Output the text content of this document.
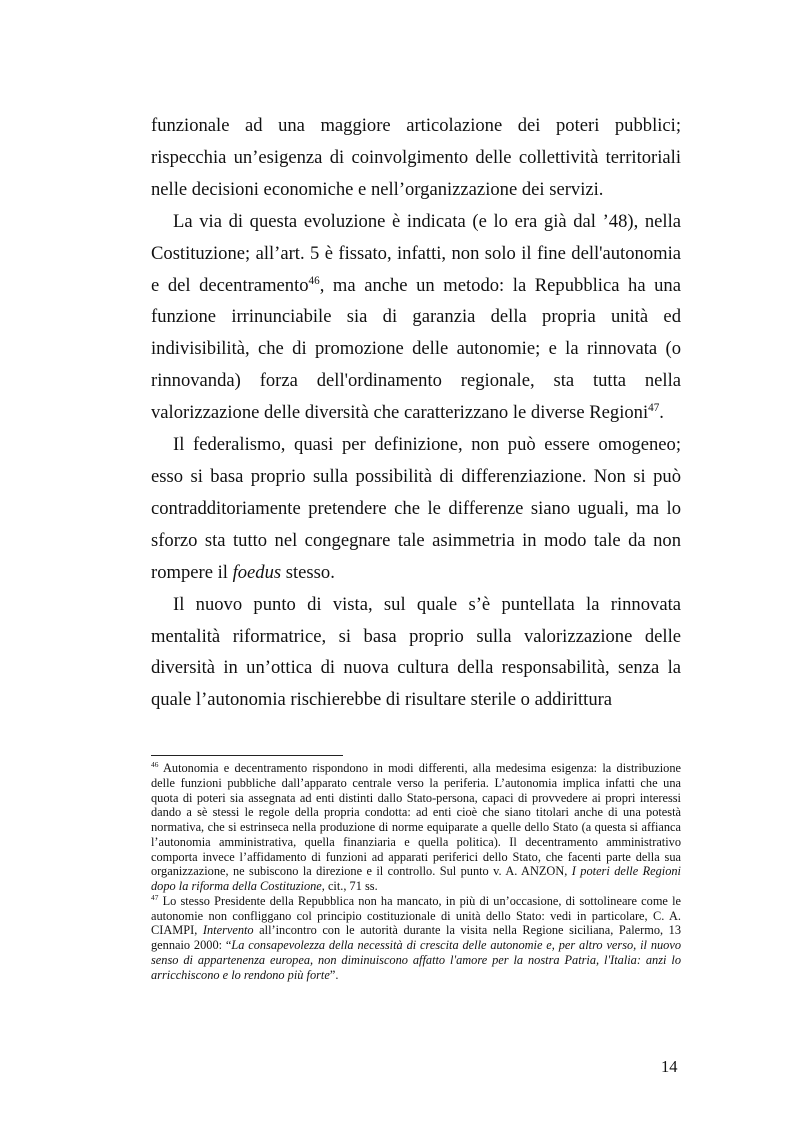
funzionale ad una maggiore articolazione dei poteri pubblici; rispecchia un’esigenza di coinvolgimento delle collettività territoriali nelle decisioni economiche e nell’organizzazione dei servizi.

La via di questa evoluzione è indicata (e lo era già dal ’48), nella Costituzione; all’art. 5 è fissato, infatti, non solo il fine dell'autonomia e del decentramento$^{46}$, ma anche un metodo: la Repubblica ha una funzione irrinunciabile sia di garanzia della propria unità ed indivisibilità, che di promozione delle autonomie; e la rinnovata (o rinnovanda) forza dell'ordinamento regionale, sta tutta nella valorizzazione delle diversità che caratterizzano le diverse Regioni$^{47}$.

Il federalismo, quasi per definizione, non può essere omogeneo; esso si basa proprio sulla possibilità di differenziazione. Non si può contradditoriamente pretendere che le differenze siano uguali, ma lo sforzo sta tutto nel congegnare tale asimmetria in modo tale da non rompere il foedus stesso.

Il nuovo punto di vista, sul quale s’è puntellata la rinnovata mentalità riformatrice, si basa proprio sulla valorizzazione delle diversità in un’ottica di nuova cultura della responsabilità, senza la quale l’autonomia rischierebbe di risultare sterile o addirittura

$^{46}$ Autonomia e decentramento rispondono in modi differenti, alla medesima esigenza: la distribuzione delle funzioni pubbliche dall’apparato centrale verso la periferia. L’autonomia implica infatti che una quota di poteri sia assegnata ad enti distinti dallo Stato-persona, capaci di provvedere ai propri interessi dando a sè stessi le regole della propria condotta: ad enti cioè che siano titolari anche di una potestà normativa, che si estrinseca nella produzione di norme equiparate a quelle dello Stato (a questa si affianca l’autonomia amministrativa, quella finanziaria e quella politica). Il decentramento amministrativo comporta invece l’affidamento di funzioni ad apparati periferici dello Stato, che facenti parte della sua organizzazione, ne subiscono la direzione e il controllo. Sul punto v. A. ANZON, I poteri delle Regioni dopo la riforma della Costituzione, cit., 71 ss.

$^{47}$ Lo stesso Presidente della Repubblica non ha mancato, in più di un’occasione, di sottolineare come le autonomie non confliggano col principio costituzionale di unità dello Stato: vedi in particolare, C. A. CIAMPI, Intervento all’incontro con le autorità durante la visita nella Regione siciliana, Palermo, 13 gennaio 2000: “La consapevolezza della necessità di crescita delle autonomie e, per altro verso, il nuovo senso di appartenenza europea, non diminuiscono affatto l'amore per la nostra Patria, l'Italia: anzi lo arricchiscono e lo rendono più forte”.

14
